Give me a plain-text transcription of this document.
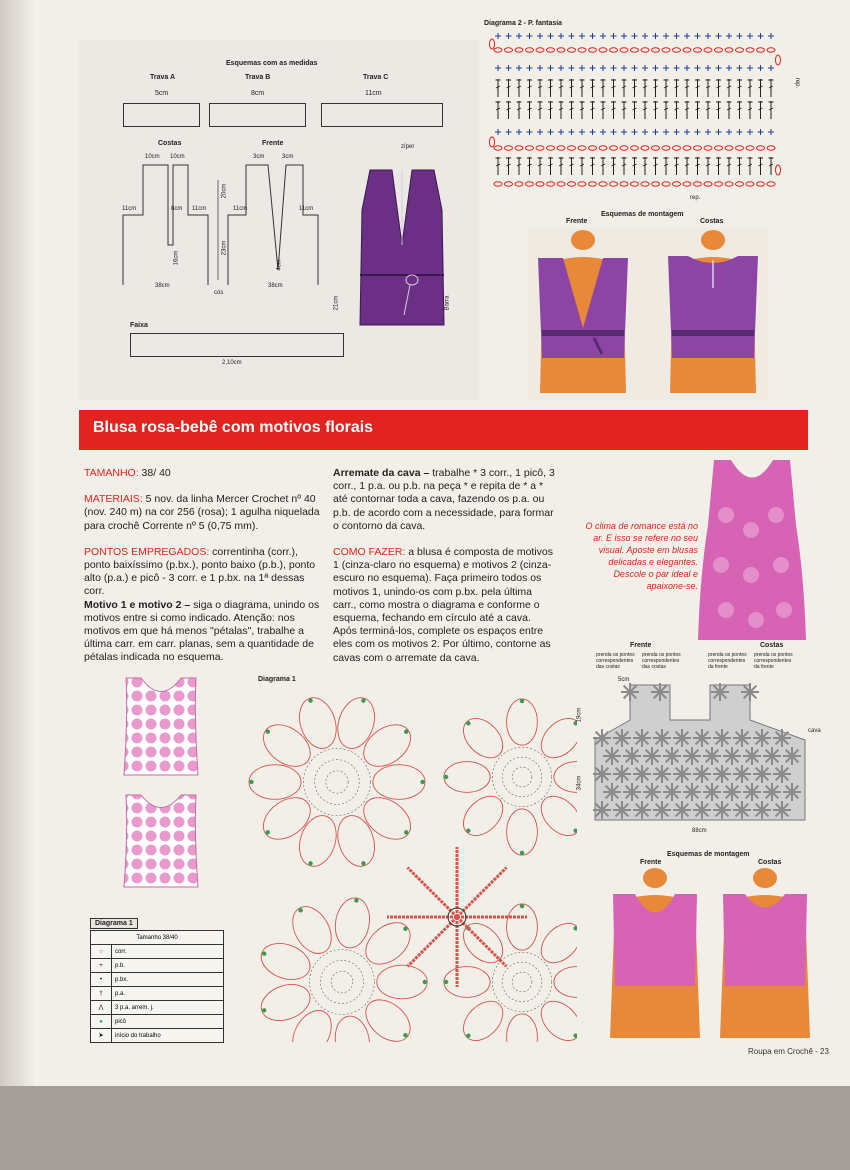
Esquemas com as medidas
Trava A
5cm
Trava B
8cm
Trava C
11cm
Costas	Frente
10cm 10cm	3cm	3cm
11cm	8cm 11cm	11cm	11cm
16cm
20cm
23cm
4cm
38cm	38cm
cós
Faixa
2,10cm
zíper
21cm	Barra
Diagrama 2 - P. fantasia
rep.
rep.
Esquemas de montagem
Frente	Costas
Blusa rosa-bebê com motivos florais
TAMANHO: 38/ 40
MATERIAIS: 5 nov. da linha Mercer Crochet nº 40 (nov. 240 m) na cor 256 (rosa); 1 agulha niquelada para crochê Corrente nº 5 (0,75 mm).
PONTOS EMPREGADOS: correntinha (corr.), ponto baixíssimo (p.bx.), ponto baixo (p.b.), ponto alto (p.a.) e picô - 3 corr. e 1 p.bx. na 1ª dessas corr.
Motivo 1 e motivo 2 – siga o diagrama, unindo os motivos entre si como indicado. Atenção: nos motivos em que há menos "pétalas", trabalhe a última carr. em carr. planas, sem a quantidade de pétalas indicada no esquema.
Arremate da cava – trabalhe * 3 corr., 1 picô, 3 corr., 1 p.a. ou p.b. na peça * e repita de * a * até contornar toda a cava, fazendo os p.a. ou p.b. de acordo com a necessidade, para formar o contorno da cava.
COMO FAZER: a blusa é composta de motivos 1 (cinza-claro no esquema) e motivos 2 (cinza-escuro no esquema). Faça primeiro todos os motivos 1, unindo-os com p.bx. pela última carr., como mostra o diagrama e conforme o esquema, fechando em círculo até a cava. Após terminá-los, complete os espaços entre eles com os motivos 2. Por último, contorne as cavas com o arremate da cava.
O clima de romance está no ar. E isso se refere no seu visual. Aposte em blusas delicadas e elegantes. Descole o par ideal e apaixone-se.
Diagrama 1
Diagrama 1
Tamanho 38/40	
○	corr.
+	p.b.
•	p.bx.
†	p.a.
⋀	3 p.a. arrem. j.
●	picô
➤	início do trabalho
Frente	Costas
prenda os pontos correspondentes das costas
prenda os pontos correspondentes das costas
prenda os pontos correspondentes da frente
prenda os pontos correspondentes da frente
5cm
19cm
34cm
88cm
cava
Esquemas de montagem
Frente	Costas
Roupa em Crochê - 23
